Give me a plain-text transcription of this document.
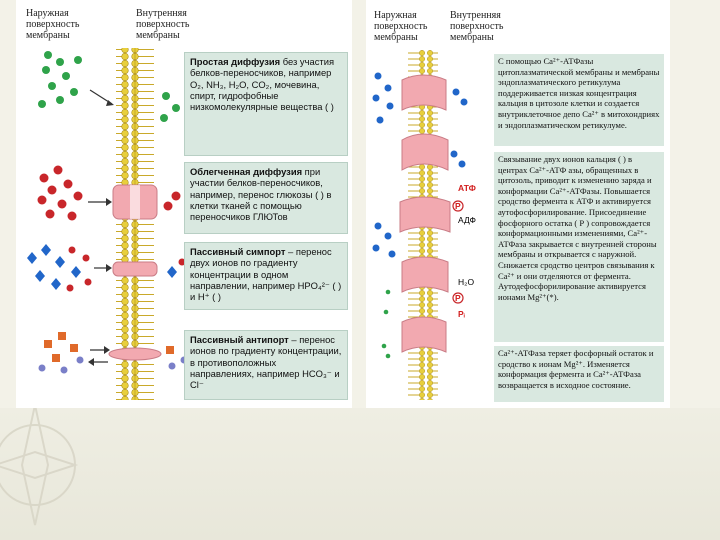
Наружная
поверхность
мембраны
Внутренняя
поверхность
мембраны
Простая диффузия без участия белков-переносчиков, например O₂, NH₃, H₂O, CO₂, мочевина, спирт, гидрофобные низкомолекулярные вещества ( )
Облегченная диффузия при участии белков-переносчиков, например, перенос глюкозы ( ) в клетки тканей с помощью переносчиков ГЛЮТов
Пассивный симпорт – перенос двух ионов по градиенту концентрации в одном направлении, например HPO₄²⁻ ( ) и H⁺ ( )
Пассивный антипорт – перенос ионов по градиенту концентрации, в противоположных направлениях, например HCO₃⁻ и Cl⁻
Наружная
поверхность
мембраны
Внутренняя
поверхность
мембраны
АТФ
P
АДФ
H₂O
P
Pᵢ
С помощью Ca²⁺-АТФазы цитоплазматической мембраны и мембраны эндоплазматического ретикулума поддерживается низкая концентрация кальция в цитозоле клетки и создается внутриклеточное депо Ca²⁺ в митохондриях и эндоплазматическом ретикулуме.
Связывание двух ионов кальция ( ) в центрах Ca²⁺-АТФ азы, обращенных в цитозоль, приводит к изменению заряда и конформации Ca²⁺-АТФазы. Повышается сродство фермента к АТФ и активируется аутофосфорилирование. Присоединение фосфорного остатка ( Р ) сопровождается конформационными изменениями, Ca²⁺-АТФаза закрывается с внутренней стороны мембраны и открывается с наружной. Снижается сродство центров связывания к Ca²⁺ и они отделяются от фермента. Аутодефосфорилирование активируется ионами Mg²⁺(*).
Ca²⁺-АТФаза теряет фосфорный остаток и сродство к ионам Mg²⁺. Изменяется конформация фермента и Ca²⁺-АТФаза возвращается в исходное состояние.
